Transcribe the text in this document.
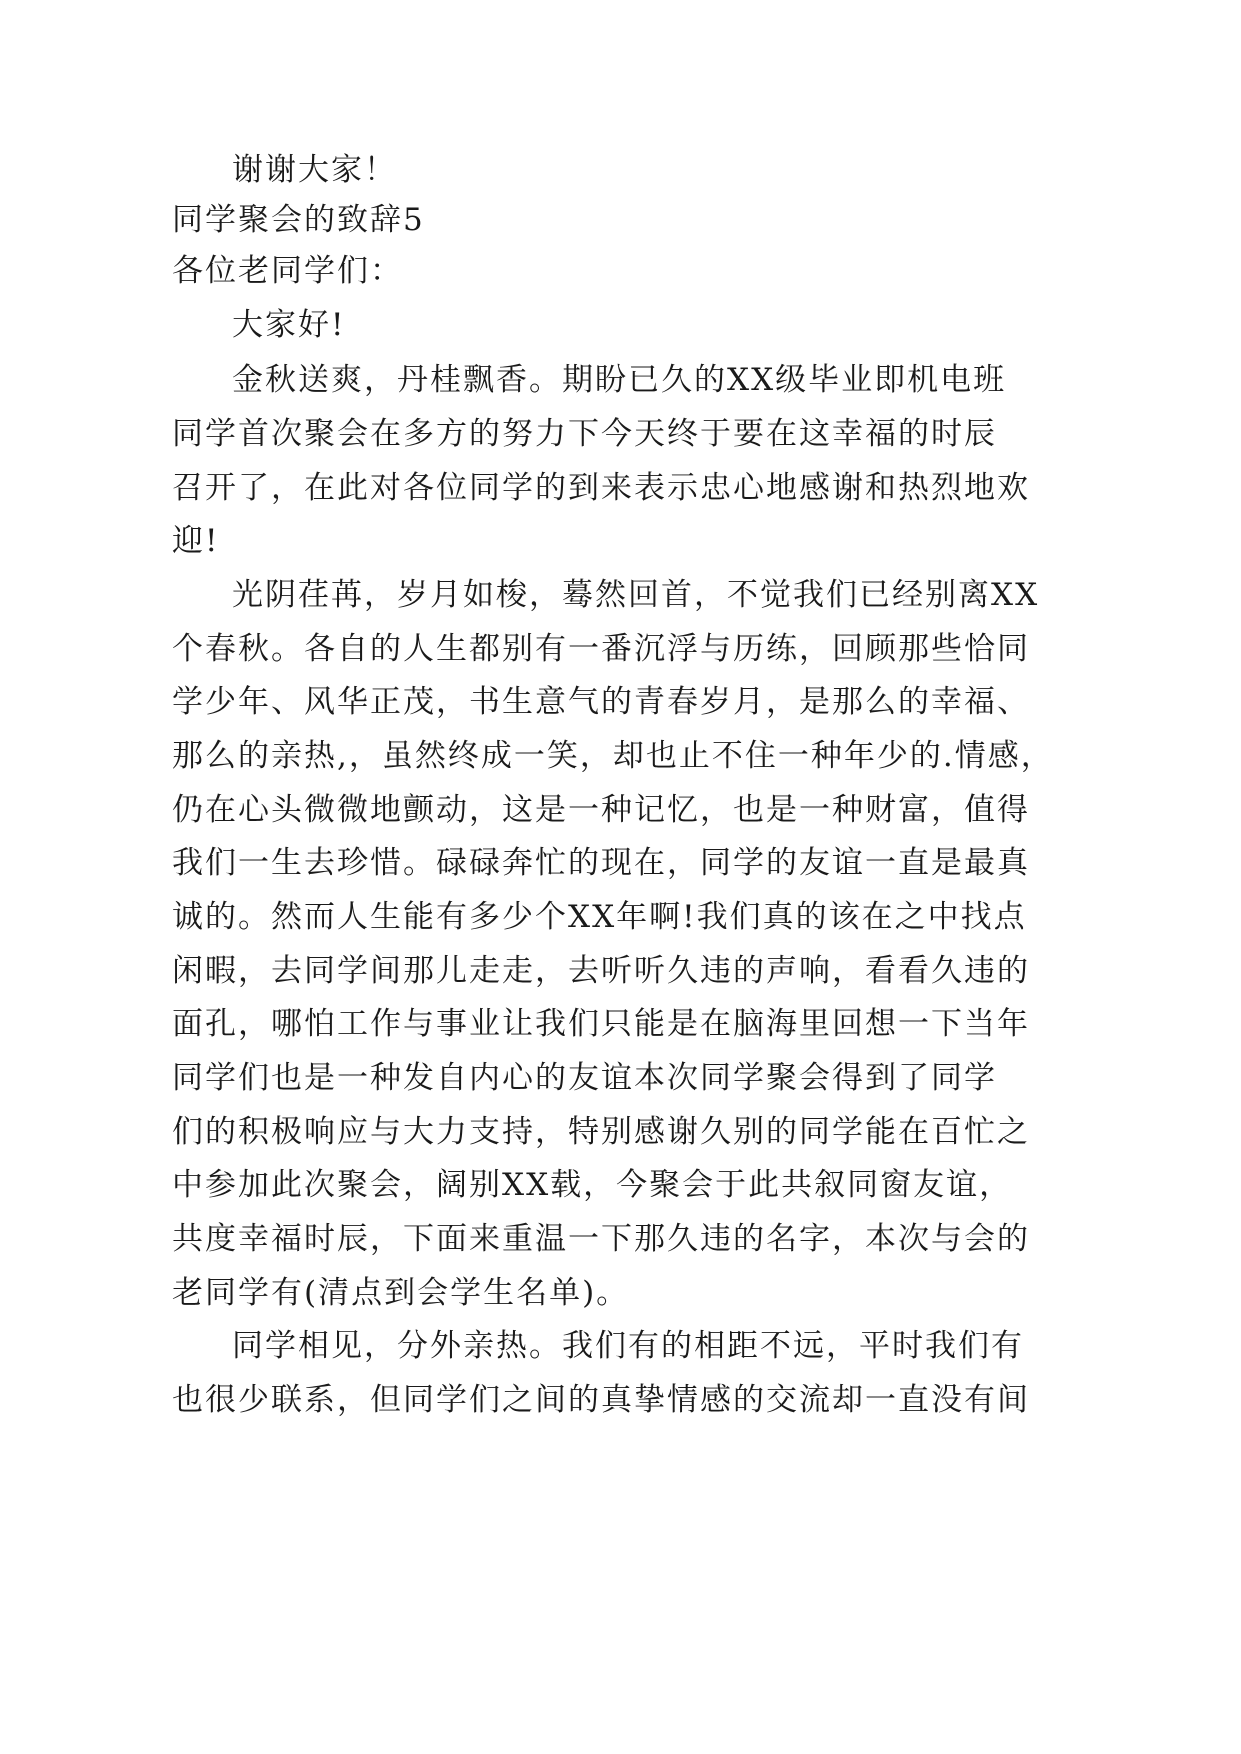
谢谢大家！
同学聚会的致辞5
各位老同学们：
大家好!
金秋送爽，丹桂飘香。期盼已久的XX级毕业即机电班
同学首次聚会在多方的努力下今天终于要在这幸福的时辰
召开了，在此对各位同学的到来表示忠心地感谢和热烈地欢
迎!
光阴荏苒，岁月如梭，蓦然回首，不觉我们已经别离XX
个春秋。各自的人生都别有一番沉浮与历练，回顾那些恰同
学少年、风华正茂，书生意气的青春岁月，是那么的幸福、
那么的亲热,，虽然终成一笑，却也止不住一种年少的.情感，
仍在心头微微地颤动，这是一种记忆，也是一种财富，值得
我们一生去珍惜。碌碌奔忙的现在，同学的友谊一直是最真
诚的。然而人生能有多少个XX年啊!我们真的该在之中找点
闲暇，去同学间那儿走走，去听听久违的声响，看看久违的
面孔，哪怕工作与事业让我们只能是在脑海里回想一下当年
同学们也是一种发自内心的友谊本次同学聚会得到了同学
们的积极响应与大力支持，特别感谢久别的同学能在百忙之
中参加此次聚会，阔别XX载，今聚会于此共叙同窗友谊，
共度幸福时辰，下面来重温一下那久违的名字，本次与会的
老同学有(清点到会学生名单)。
同学相见，分外亲热。我们有的相距不远，平时我们有
也很少联系，但同学们之间的真挚情感的交流却一直没有间
